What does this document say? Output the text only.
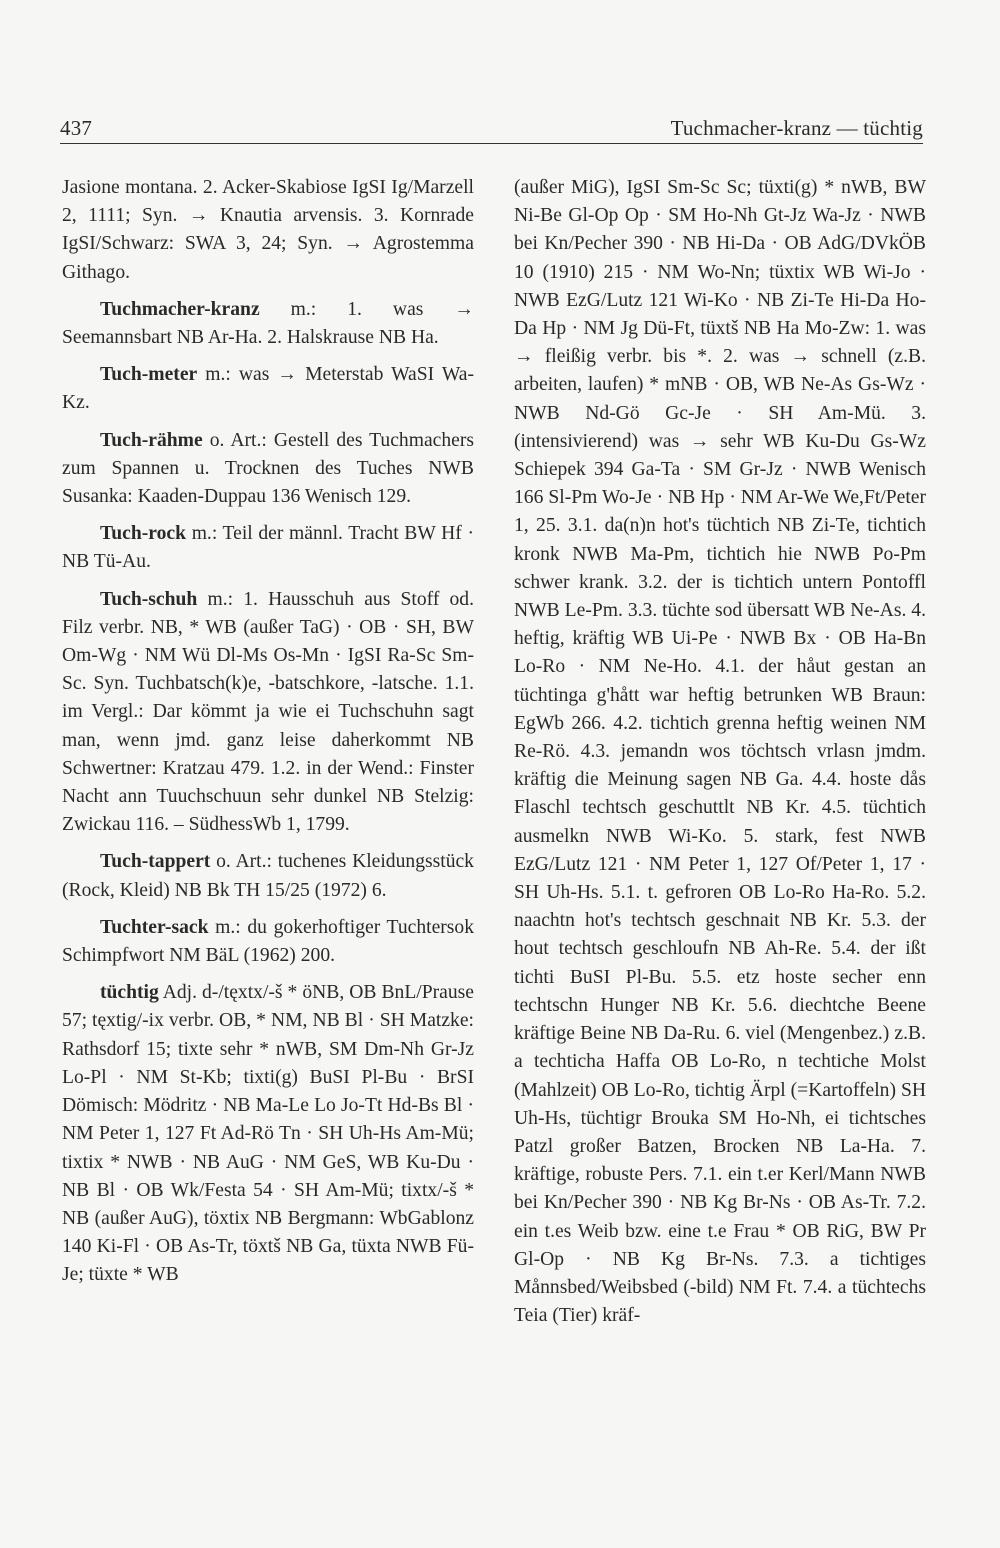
437	Tuchmacher-kranz — tüchtig

Jasione montana. 2. Acker-Skabiose IgSI Ig/Marzell 2, 1111; Syn. → Knautia arvensis. 3. Kornrade IgSI/Schwarz: SWA 3, 24; Syn. → Agrostemma Githago.

Tuchmacher-kranz m.: 1. was → Seemannsbart NB Ar-Ha. 2. Halskrause NB Ha.

Tuch-meter m.: was → Meterstab WaSI Wa-Kz.

Tuch-rähme o. Art.: Gestell des Tuchmachers zum Spannen u. Trocknen des Tuches NWB Susanka: Kaaden-Duppau 136 Wenisch 129.

Tuch-rock m.: Teil der männl. Tracht BW Hf · NB Tü-Au.

Tuch-schuh m.: 1. Hausschuh aus Stoff od. Filz verbr. NB, * WB (außer TaG) · OB · SH, BW Om-Wg · NM Wü Dl-Ms Os-Mn · IgSI Ra-Sc Sm-Sc. Syn. Tuchbatsch(k)e, -batschkore, -latsche. 1.1. im Vergl.: Dar kömmt ja wie ei Tuchschuhn sagt man, wenn jmd. ganz leise daherkommt NB Schwertner: Kratzau 479. 1.2. in der Wend.: Finster Nacht ann Tuuchschuun sehr dunkel NB Stelzig: Zwickau 116. – SüdhessWb 1, 1799.

Tuch-tappert o. Art.: tuchenes Kleidungsstück (Rock, Kleid) NB Bk TH 15/25 (1972) 6.

Tuchter-sack m.: du gokerhoftiger Tuchtersok Schimpfwort NM BäL (1962) 200.

tüchtig Adj. d-/tęxtx/-š * öNB, OB BnL/Prause 57; tęxtig/-ix verbr. OB, * NM, NB Bl · SH Matzke: Rathsdorf 15; tixte sehr * nWB, SM Dm-Nh Gr-Jz Lo-Pl · NM St-Kb; tixti(g) BuSI Pl-Bu · BrSI Dömisch: Mödritz · NB Ma-Le Lo Jo-Tt Hd-Bs Bl · NM Peter 1, 127 Ft Ad-Rö Tn · SH Uh-Hs Am-Mü; tixtix * NWB · NB AuG · NM GeS, WB Ku-Du · NB Bl · OB Wk/Festa 54 · SH Am-Mü; tixtx/-š * NB (außer AuG), töxtix NB Bergmann: WbGablonz 140 Ki-Fl · OB As-Tr, töxtš NB Ga, tüxta NWB Fü-Je; tüxte * WB

(außer MiG), IgSI Sm-Sc Sc; tüxti(g) * nWB, BW Ni-Be Gl-Op Op · SM Ho-Nh Gt-Jz Wa-Jz · NWB bei Kn/Pecher 390 · NB Hi-Da · OB AdG/DVkÖB 10 (1910) 215 · NM Wo-Nn; tüxtix WB Wi-Jo · NWB EzG/Lutz 121 Wi-Ko · NB Zi-Te Hi-Da Ho-Da Hp · NM Jg Dü-Ft, tüxtš NB Ha Mo-Zw: 1. was → fleißig verbr. bis *. 2. was → schnell (z.B. arbeiten, laufen) * mNB · OB, WB Ne-As Gs-Wz · NWB Nd-Gö Gc-Je · SH Am-Mü. 3. (intensivierend) was → sehr WB Ku-Du Gs-Wz Schiepek 394 Ga-Ta · SM Gr-Jz · NWB Wenisch 166 Sl-Pm Wo-Je · NB Hp · NM Ar-We We,Ft/Peter 1, 25. 3.1. da(n)n hot's tüchtich NB Zi-Te, tichtich kronk NWB Ma-Pm, tichtich hie NWB Po-Pm schwer krank. 3.2. der is tichtich untern Pontoffl NWB Le-Pm. 3.3. tüchte sod übersatt WB Ne-As. 4. heftig, kräftig WB Ui-Pe · NWB Bx · OB Ha-Bn Lo-Ro · NM Ne-Ho. 4.1. der håut gestan an tüchtinga g'hått war heftig betrunken WB Braun: EgWb 266. 4.2. tichtich grenna heftig weinen NM Re-Rö. 4.3. jemandn wos töchtsch vrlasn jmdm. kräftig die Meinung sagen NB Ga. 4.4. hoste dås Flaschl techtsch geschuttlt NB Kr. 4.5. tüchtich ausmelkn NWB Wi-Ko. 5. stark, fest NWB EzG/Lutz 121 · NM Peter 1, 127 Of/Peter 1, 17 · SH Uh-Hs. 5.1. t. gefroren OB Lo-Ro Ha-Ro. 5.2. naachtn hot's techtsch geschnait NB Kr. 5.3. der hout techtsch geschloufn NB Ah-Re. 5.4. der ißt tichti BuSI Pl-Bu. 5.5. etz hoste secher enn techtschn Hunger NB Kr. 5.6. diechtche Beene kräftige Beine NB Da-Ru. 6. viel (Mengenbez.) z.B. a techticha Haffa OB Lo-Ro, n techtiche Molst (Mahlzeit) OB Lo-Ro, tichtig Ärpl (=Kartoffeln) SH Uh-Hs, tüchtigr Brouka SM Ho-Nh, ei tichtsches Patzl großer Batzen, Brocken NB La-Ha. 7. kräftige, robuste Pers. 7.1. ein t.er Kerl/Mann NWB bei Kn/Pecher 390 · NB Kg Br-Ns · OB As-Tr. 7.2. ein t.es Weib bzw. eine t.e Frau * OB RiG, BW Pr Gl-Op · NB Kg Br-Ns. 7.3. a tichtiges Månnsbed/Weibsbed (-bild) NM Ft. 7.4. a tüchtechs Teia (Tier) kräf-
